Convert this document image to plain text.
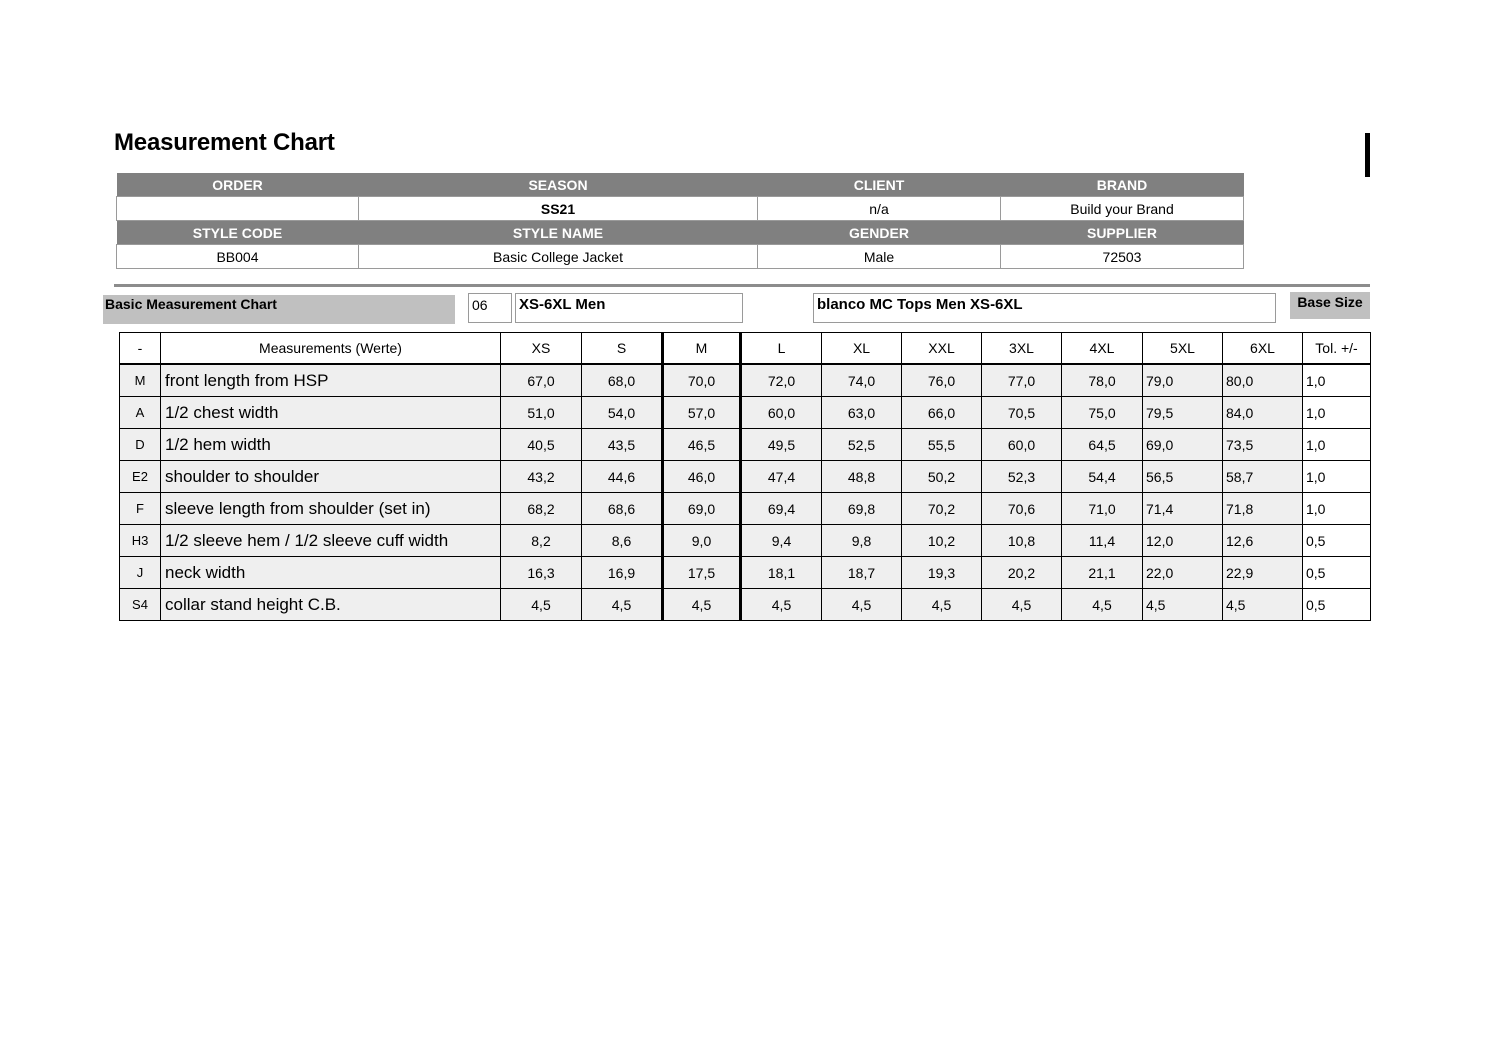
Measurement Chart
ORDER	SEASON	CLIENT	BRAND
	SS21	n/a	Build your Brand
STYLE CODE	STYLE NAME	GENDER	SUPPLIER
BB004	Basic College Jacket	Male	72503
Basic Measurement Chart	06	XS-6XL Men	blanco MC Tops Men XS-6XL	Base Size
-	Measurements (Werte)	XS	S	M	L	XL	XXL	3XL	4XL	5XL	6XL	Tol. +/-
M	front length from HSP	67,0	68,0	70,0	72,0	74,0	76,0	77,0	78,0	79,0	80,0	1,0
A	1/2 chest width	51,0	54,0	57,0	60,0	63,0	66,0	70,5	75,0	79,5	84,0	1,0
D	1/2 hem width	40,5	43,5	46,5	49,5	52,5	55,5	60,0	64,5	69,0	73,5	1,0
E2	shoulder to shoulder	43,2	44,6	46,0	47,4	48,8	50,2	52,3	54,4	56,5	58,7	1,0
F	sleeve length from shoulder (set in)	68,2	68,6	69,0	69,4	69,8	70,2	70,6	71,0	71,4	71,8	1,0
H3	1/2 sleeve hem / 1/2 sleeve cuff width	8,2	8,6	9,0	9,4	9,8	10,2	10,8	11,4	12,0	12,6	0,5
J	neck width	16,3	16,9	17,5	18,1	18,7	19,3	20,2	21,1	22,0	22,9	0,5
S4	collar stand height C.B.	4,5	4,5	4,5	4,5	4,5	4,5	4,5	4,5	4,5	4,5	0,5
